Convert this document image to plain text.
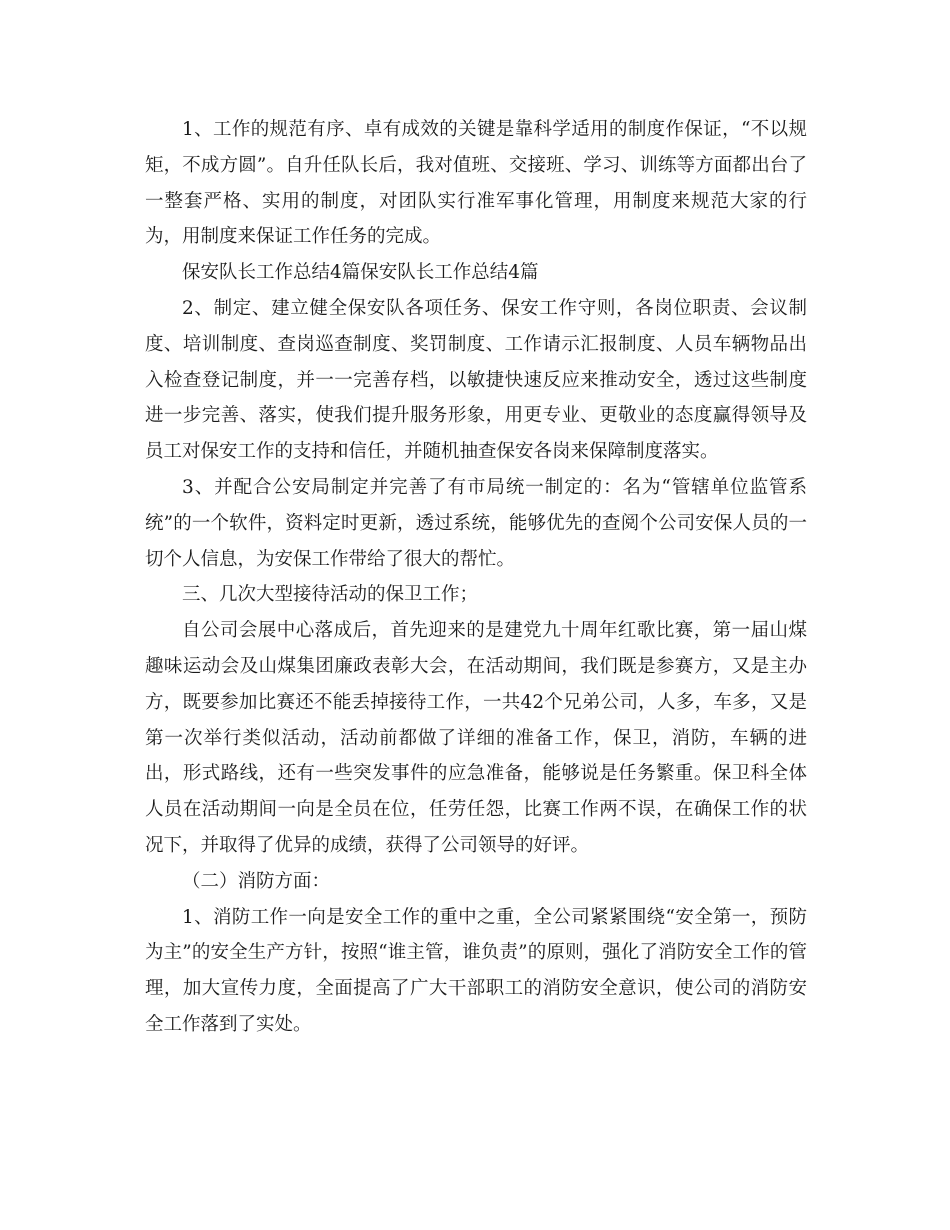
1、工作的规范有序、卓有成效的关键是靠科学适用的制度作保证，“不以规矩，不成方圆”。自升任队长后，我对值班、交接班、学习、训练等方面都出台了一整套严格、实用的制度，对团队实行准军事化管理，用制度来规范大家的行为，用制度来保证工作任务的完成。

保安队长工作总结4篇保安队长工作总结4篇

2、制定、建立健全保安队各项任务、保安工作守则，各岗位职责、会议制度、培训制度、查岗巡查制度、奖罚制度、工作请示汇报制度、人员车辆物品出入检查登记制度，并一一完善存档，以敏捷快速反应来推动安全，透过这些制度进一步完善、落实，使我们提升服务形象，用更专业、更敬业的态度赢得领导及员工对保安工作的支持和信任，并随机抽查保安各岗来保障制度落实。

3、并配合公安局制定并完善了有市局统一制定的：名为“管辖单位监管系统”的一个软件，资料定时更新，透过系统，能够优先的查阅个公司安保人员的一切个人信息，为安保工作带给了很大的帮忙。

三、几次大型接待活动的保卫工作；

自公司会展中心落成后，首先迎来的是建党九十周年红歌比赛，第一届山煤趣味运动会及山煤集团廉政表彰大会，在活动期间，我们既是参赛方，又是主办方，既要参加比赛还不能丢掉接待工作，一共42个兄弟公司，人多，车多，又是第一次举行类似活动，活动前都做了详细的准备工作，保卫，消防，车辆的进出，形式路线，还有一些突发事件的应急准备，能够说是任务繁重。保卫科全体人员在活动期间一向是全员在位，任劳任怨，比赛工作两不误，在确保工作的状况下，并取得了优异的成绩，获得了公司领导的好评。

（二）消防方面：

1、消防工作一向是安全工作的重中之重，全公司紧紧围绕“安全第一，预防为主”的安全生产方针，按照“谁主管，谁负责”的原则，强化了消防安全工作的管理，加大宣传力度，全面提高了广大干部职工的消防安全意识，使公司的消防安全工作落到了实处。
